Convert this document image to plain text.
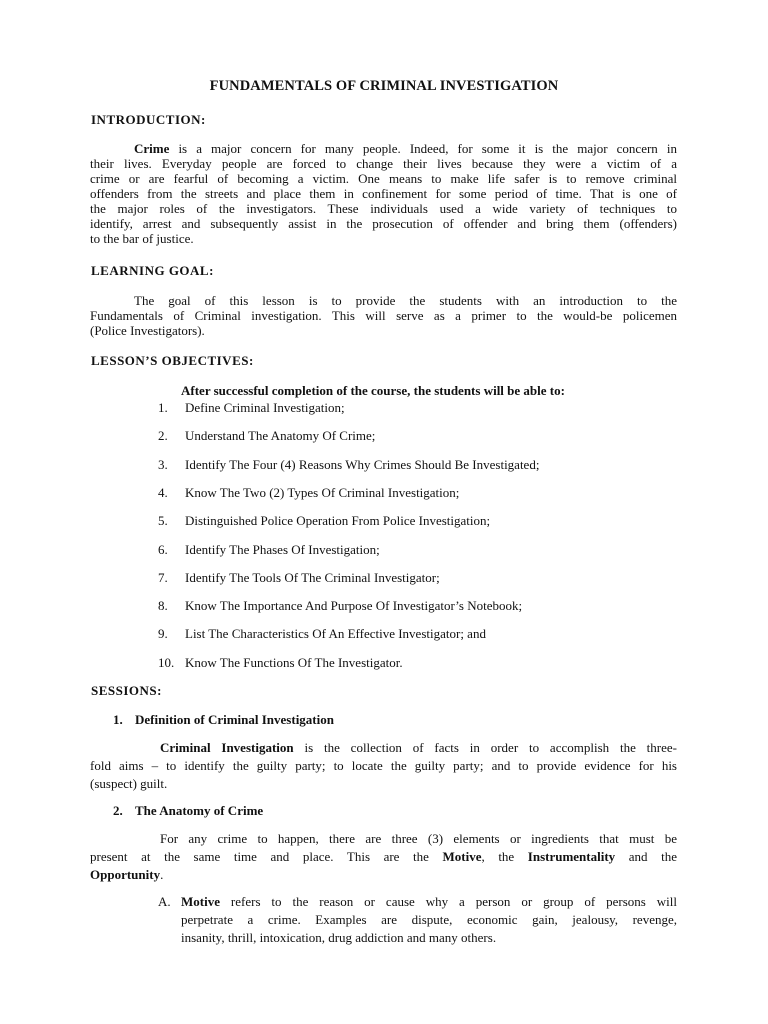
FUNDAMENTALS OF CRIMINAL INVESTIGATION
INTRODUCTION:
Crime is a major concern for many people. Indeed, for some it is the major concern in
their lives. Everyday people are forced to change their lives because they were a victim of a
crime or are fearful of becoming a victim. One means to make life safer is to remove criminal
offenders from the streets and place them in confinement for some period of time. That is one of
the major roles of the investigators. These individuals used a wide variety of techniques to
identify, arrest and subsequently assist in the prosecution of offender and bring them (offenders)
to the bar of justice.
LEARNING GOAL:
The goal of this lesson is to provide the students with an introduction to the
Fundamentals of Criminal investigation. This will serve as a primer to the would-be policemen
(Police Investigators).
LESSON’S OBJECTIVES:
After successful completion of the course, the students will be able to:
1. Define Criminal Investigation;
2. Understand The Anatomy Of Crime;
3. Identify The Four (4) Reasons Why Crimes Should Be Investigated;
4. Know The Two (2) Types Of Criminal Investigation;
5. Distinguished Police Operation From Police Investigation;
6. Identify The Phases Of Investigation;
7. Identify The Tools Of The Criminal Investigator;
8. Know The Importance And Purpose Of Investigator’s Notebook;
9. List The Characteristics Of An Effective Investigator; and
10. Know The Functions Of The Investigator.
SESSIONS:
1. Definition of Criminal Investigation
Criminal Investigation is the collection of facts in order to accomplish the three-
fold aims – to identify the guilty party; to locate the guilty party; and to provide evidence for his
(suspect) guilt.
2. The Anatomy of Crime
For any crime to happen, there are three (3) elements or ingredients that must be
present at the same time and place. This are the Motive, the Instrumentality and the
Opportunity.
A. Motive refers to the reason or cause why a person or group of persons will
perpetrate a crime. Examples are dispute, economic gain, jealousy, revenge,
insanity, thrill, intoxication, drug addiction and many others.
